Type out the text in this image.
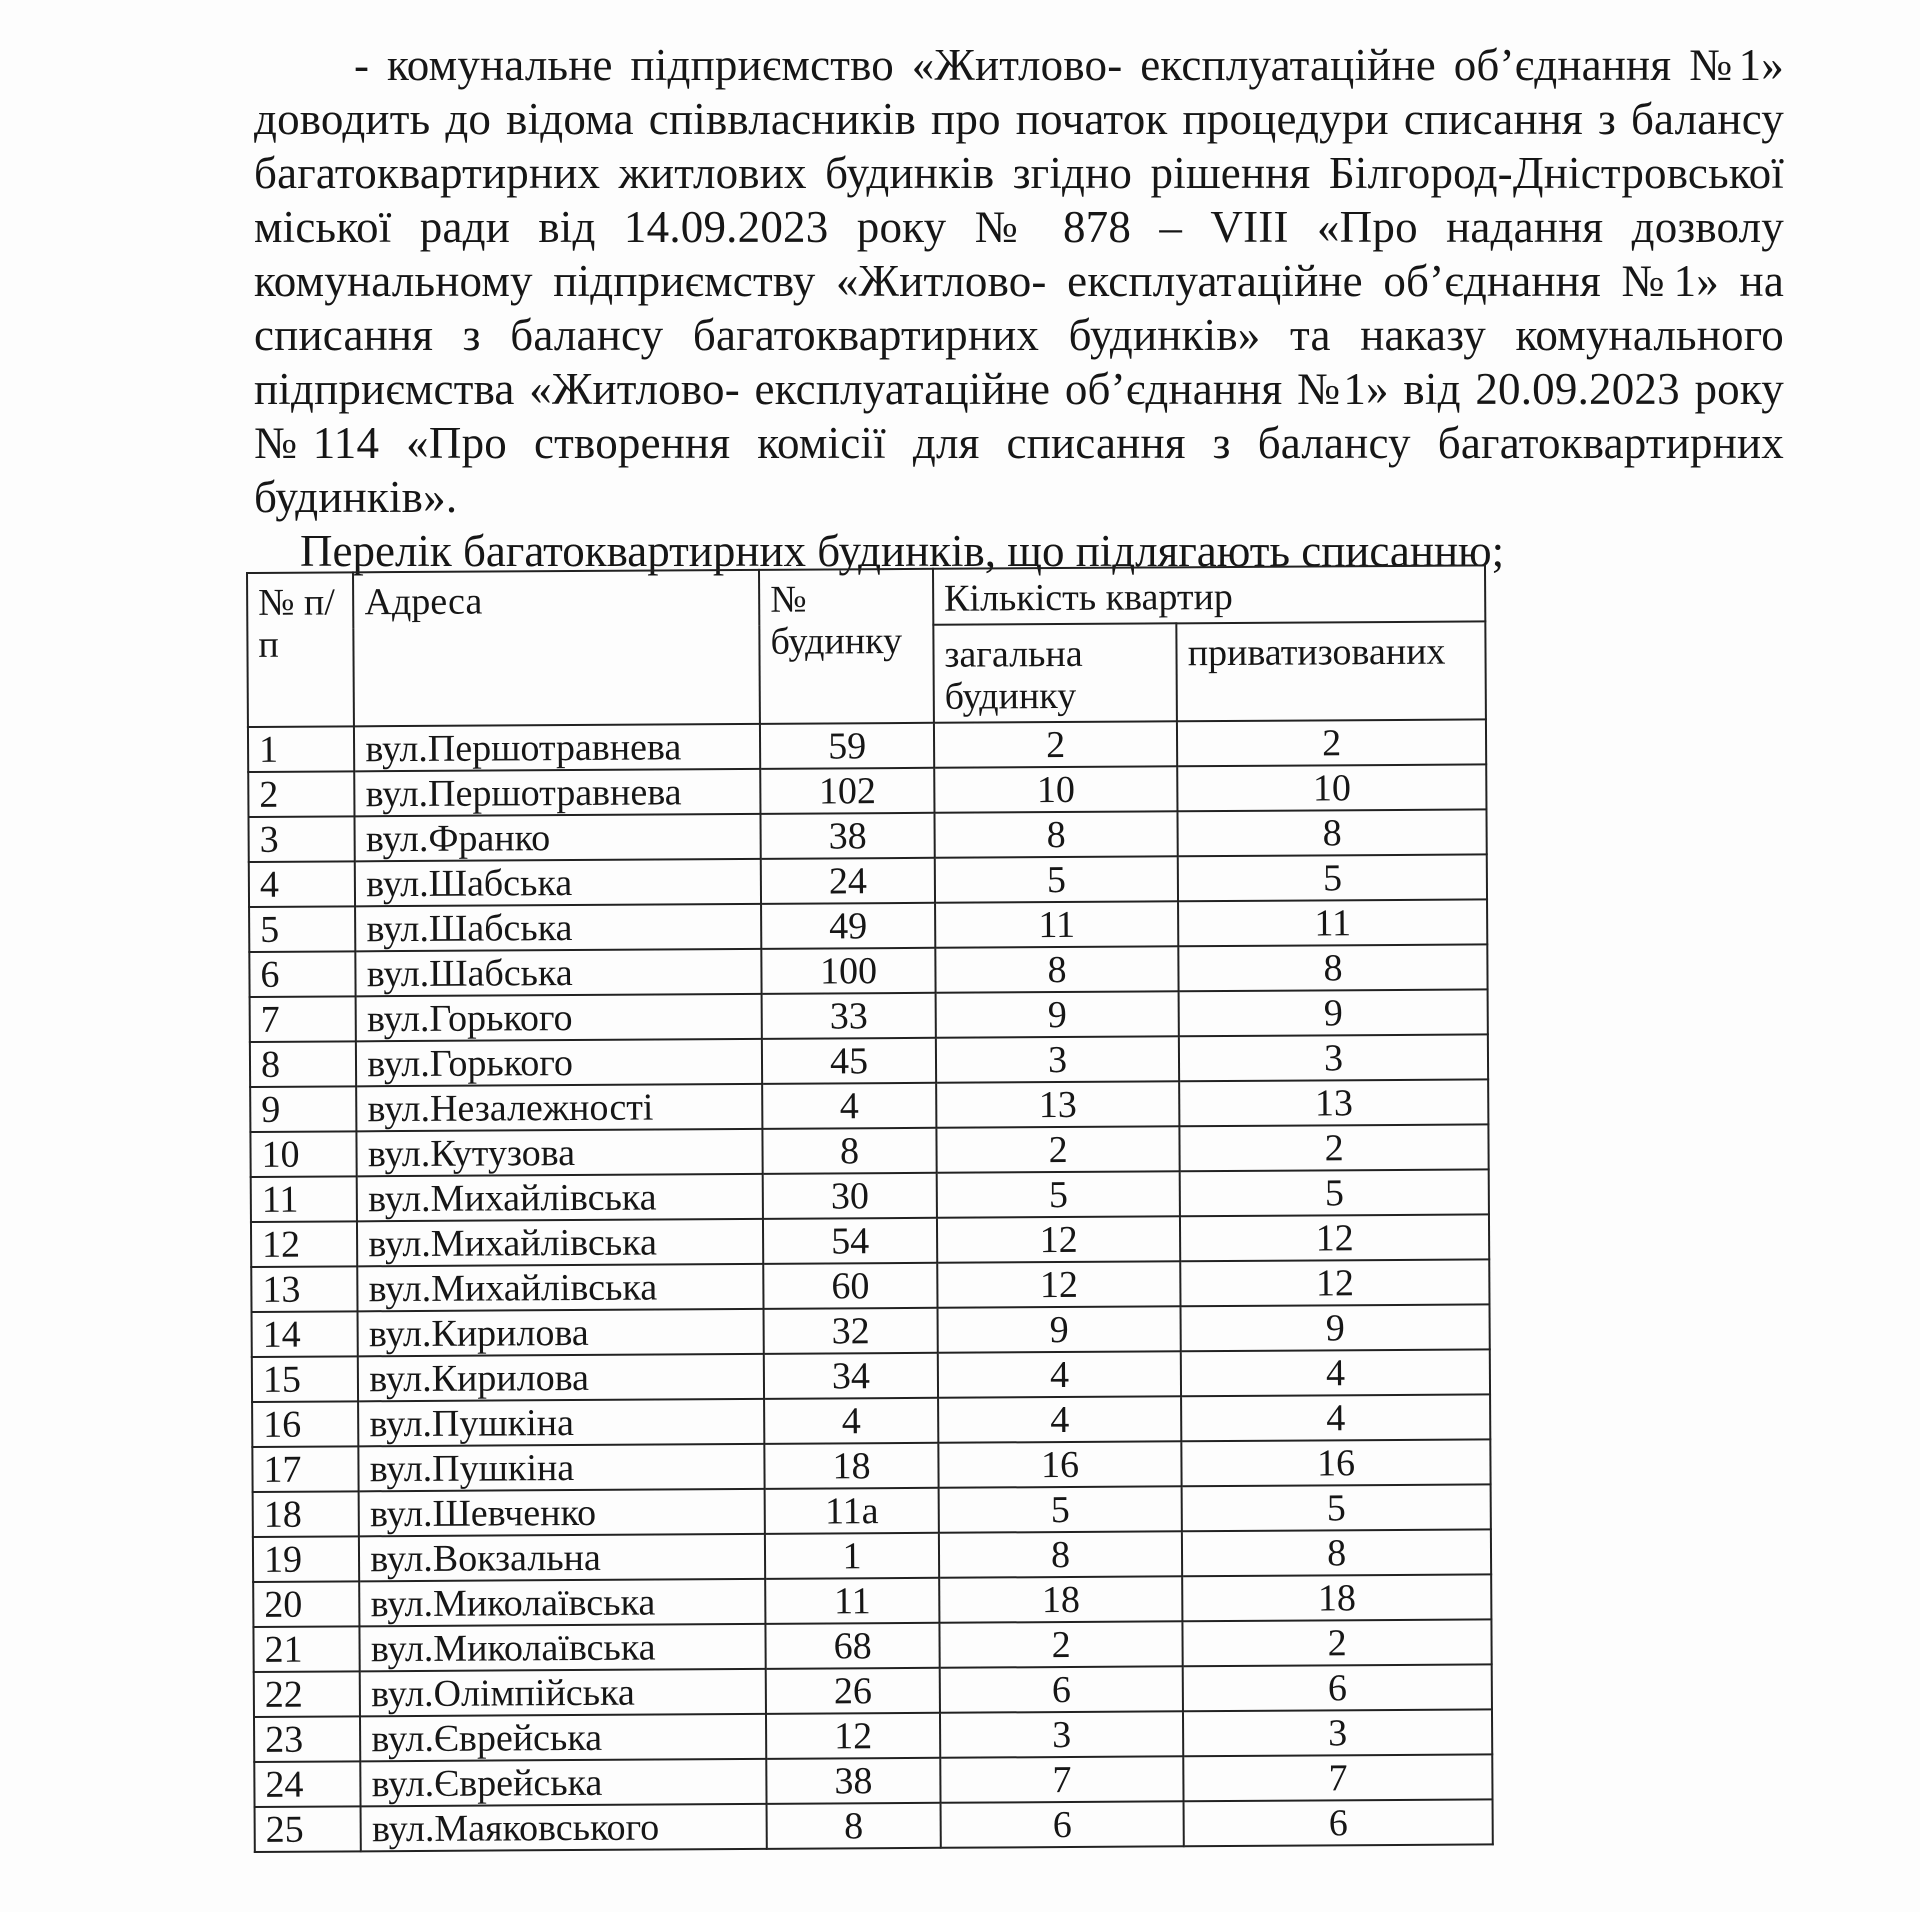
- комунальне підприємство «Житлово- експлуатаційне об’єднання №1» доводить до відома співвласників про початок процедури списання з балансу багатоквартирних житлових будинків згідно рішення Білгород-Дністровської міської ради від 14.09.2023 року № 878 – VIII «Про надання дозволу комунальному підприємству «Житлово- експлуатаційне об’єднання №1» на списання з балансу багатоквартирних будинків» та наказу комунального підприємства «Житлово- експлуатаційне об’єднання №1» від 20.09.2023 року №114 «Про створення комісії для списання з балансу багатоквартирних будинків».

Перелік багатоквартирних будинків, що підлягають списанню;

№ п/п	Адреса	№ будинку	Кількість квартир	
			загальна будинку	приватизованих
1	вул.Першотравнева	59	2	2
2	вул.Першотравнева	102	10	10
3	вул.Франко	38	8	8
4	вул.Шабська	24	5	5
5	вул.Шабська	49	11	11
6	вул.Шабська	100	8	8
7	вул.Горького	33	9	9
8	вул.Горького	45	3	3
9	вул.Незалежності	4	13	13
10	вул.Кутузова	8	2	2
11	вул.Михайлівська	30	5	5
12	вул.Михайлівська	54	12	12
13	вул.Михайлівська	60	12	12
14	вул.Кирилова	32	9	9
15	вул.Кирилова	34	4	4
16	вул.Пушкіна	4	4	4
17	вул.Пушкіна	18	16	16
18	вул.Шевченко	11а	5	5
19	вул.Вокзальна	1	8	8
20	вул.Миколаївська	11	18	18
21	вул.Миколаївська	68	2	2
22	вул.Олімпійська	26	6	6
23	вул.Єврейська	12	3	3
24	вул.Єврейська	38	7	7
25	вул.Маяковського	8	6	6
